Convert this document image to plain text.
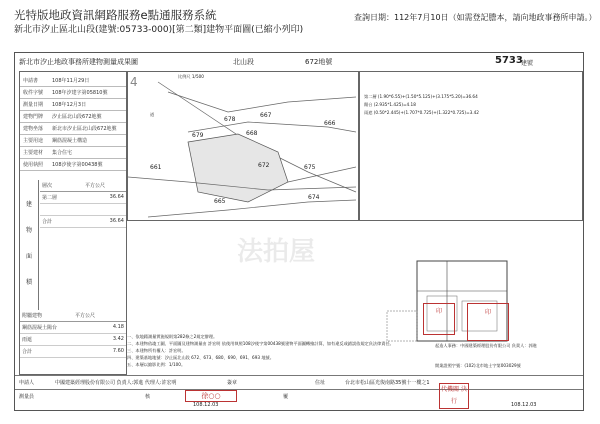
光特版地政資訊網路服務e點通服務系統
新北市汐止區北山段(建號:05733-000)[第二類]建物平面圖(已縮小列印)
查詢日期：112年7月10日（如需登記謄本，請向地政事務所申請。）
新北市汐止地政事務所建物測量成果圖	北山段	672地號	5733
建號
申請書	108年11月29日
收件字號 108年汐建字第05810號
測量日期 108年12月3日
建物門牌 汐止區北山段672地號
建物坐落 新北市汐止區北山段672地號
主要用途 鋼筋混凝土構造
主要建材 集合住宅
使用執照 108汐使字第00438號
建
物
面
積
層次	平方公尺
第二層	36.64
合計	36.64
附屬建物	平方公尺
鋼筋混凝土陽台	4.18
雨遮	3.42
合計	7.60
比例尺 1/500
4
道
678
667
666
679	668
672	675
661
674
665
第二層 (1.90*6.55)+(1.50*5.125)+(3.175*5.20)=36.64
陽台 (2.935*1.425)=4.18
雨遮 (0.50*2.445)+(1.707*0.725)+(1.322*0.725)=3.42
法拍屋
一、依地籍測量實施規則第282條之2規定辦理。
二、本建物依竣工圖、平面圖及建物測量由 許宏明 依使用執照108汐使字第00438號建物平面圖轉繪計算，如有違反或錯誤依規定負法律責任。
三、本建物所有權人：許宏明。
四、建築基地地號：汐止區北山段 672、673、680、690、691、693 地號。
五、本層以縮影比例：1/100。
起造人事務：中國建築經理股份有限公司 負責人：郭進
開業證照字號：(102)北市地士字第003029號
印	印
申請人	中國建築經理股份有限公司 負責人:郭進 代理人:許宏明	簽章	住址	台北市松山區光復南路35號十一樓之1
測量員	核	覆
徐○○
108.12.03
代機關 決行	108.12.03
